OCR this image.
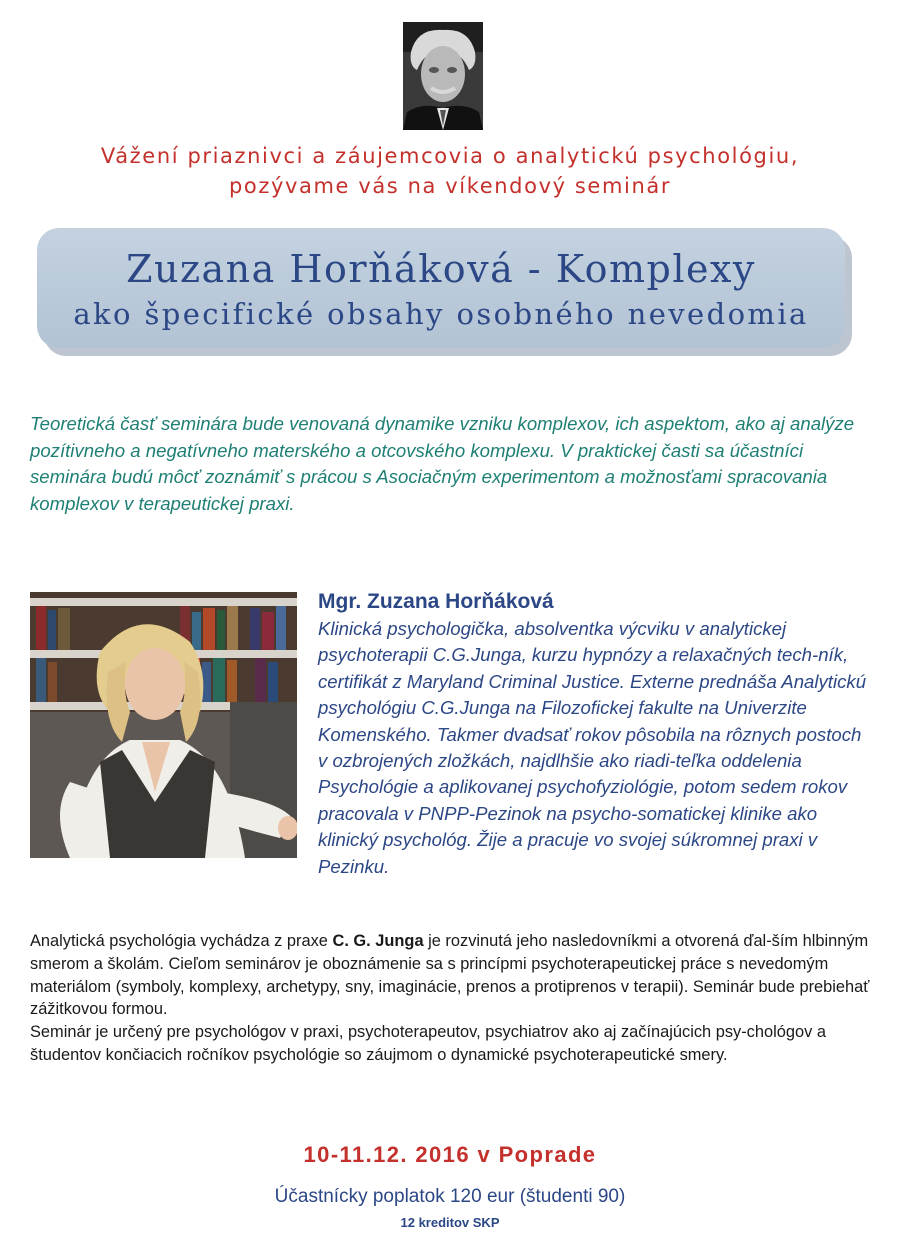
Vážení priaznivci a záujemcovia o analytickú psychológiu,
pozývame vás na víkendový seminár
Zuzana Horňáková - Komplexy
ako špecifické obsahy osobného nevedomia
Teoretická časť seminára bude venovaná dynamike vzniku komplexov, ich aspektom, ako aj analýze pozítivneho a negatívneho materského a otcovského komplexu. V praktickej časti sa účastníci seminára budú môcť zoznámiť s prácou s Asociačným experimentom a možnosťami spracovania komplexov v terapeutickej praxi.
Mgr. Zuzana Horňáková
Klinická psychologička, absolventka výcviku v analytickej psychoterapii C.G.Junga, kurzu hypnózy a relaxačných tech-ník, certifikát z Maryland Criminal Justice. Externe prednáša Analytickú psychológiu C.G.Junga na Filozofickej fakulte na Univerzite Komenského. Takmer dvadsať rokov pôsobila na rôznych postoch v ozbrojených zložkách, najdlhšie ako riadi-teľka oddelenia Psychológie a aplikovanej psychofyziológie, potom sedem rokov pracovala v PNPP-Pezinok na psycho-somatickej klinike ako klinický psychológ. Žije a pracuje vo svojej súkromnej praxi v Pezinku.

Analytická psychológia vychádza z praxe C. G. Junga je rozvinutá jeho nasledovníkmi a otvorená ďal-ším hlbinným smerom a školám. Cieľom seminárov je oboznámenie sa s princípmi psychoterapeutickej práce s nevedomým materiálom (symboly, komplexy, archetypy, sny, imaginácie, prenos a protiprenos v terapii). Seminár bude prebiehať zážitkovou formou.

Seminár je určený pre psychológov v praxi, psychoterapeutov, psychiatrov ako aj začínajúcich psy-chológov a študentov končiacich ročníkov psychológie so záujmom o dynamické psychoterapeutické smery.

10-11.12. 2016 v Poprade
Účastnícky poplatok 120 eur (študenti 90)
12 kreditov SKP
